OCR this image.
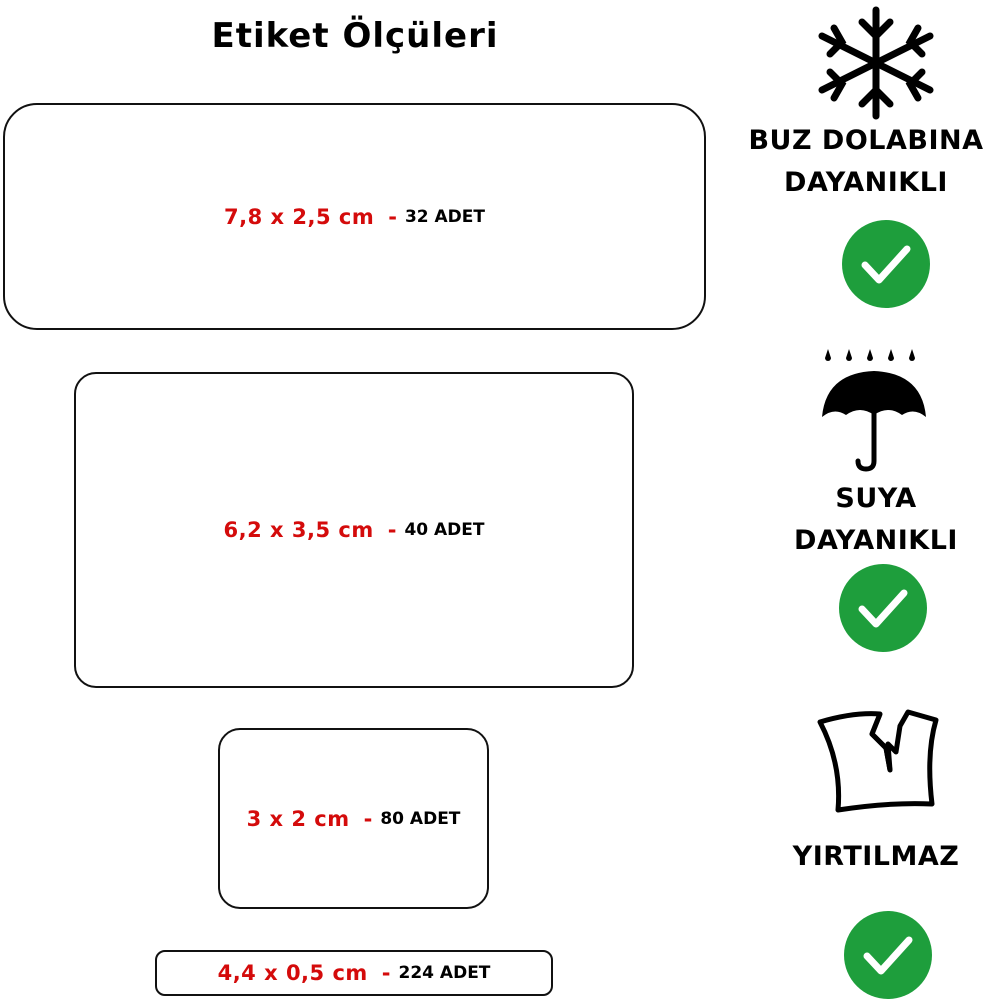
Etiket Ölçüleri
7,8 x 2,5 cm - 32 ADET
6,2 x 3,5 cm - 40 ADET
3 x 2 cm - 80 ADET
4,4 x 0,5 cm - 224 ADET
BUZ DOLABINA
DAYANIKLI
SUYA
DAYANIKLI
YIRTILMAZ
